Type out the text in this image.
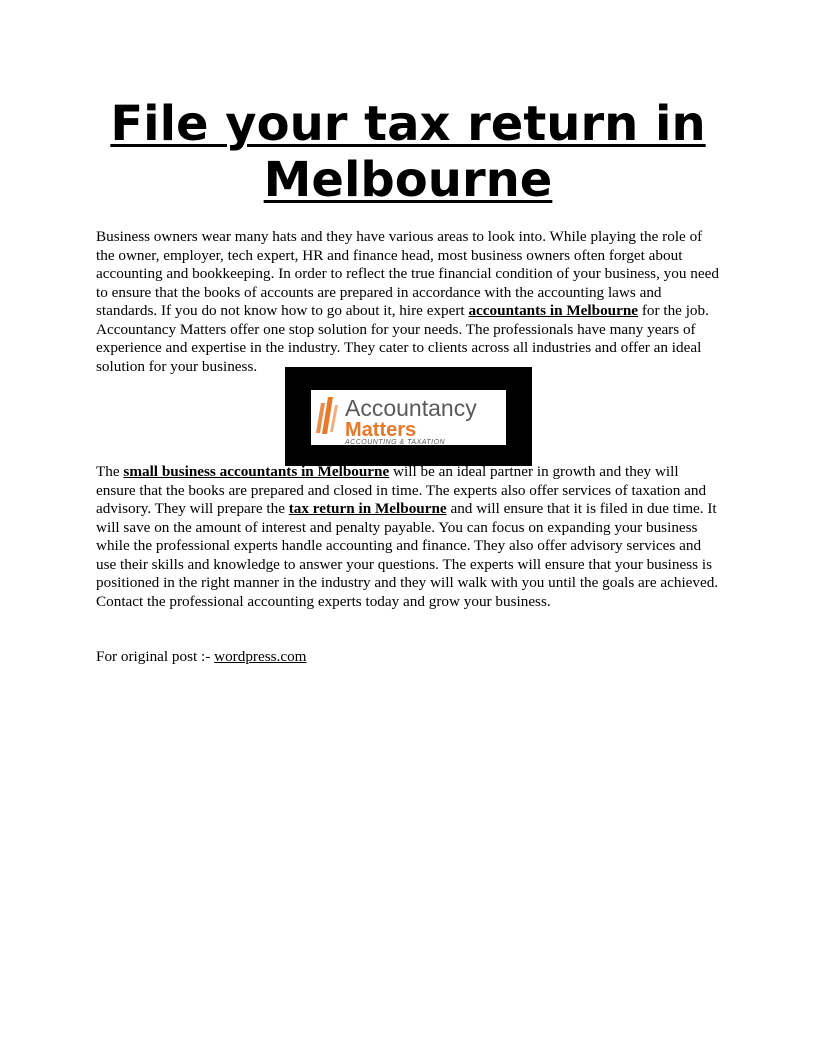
File your tax return in Melbourne

Business owners wear many hats and they have various areas to look into. While playing the role of the owner, employer, tech expert, HR and finance head, most business owners often forget about accounting and bookkeeping. In order to reflect the true financial condition of your business, you need to ensure that the books of accounts are prepared in accordance with the accounting laws and standards. If you do not know how to go about it, hire expert accountants in Melbourne for the job. Accountancy Matters offer one stop solution for your needs. The professionals have many years of experience and expertise in the industry. They cater to clients across all industries and offer an ideal solution for your business.

Accountancy
Matters
ACCOUNTING & TAXATION

The small business accountants in Melbourne will be an ideal partner in growth and they will ensure that the books are prepared and closed in time. The experts also offer services of taxation and advisory. They will prepare the tax return in Melbourne and will ensure that it is filed in due time. It will save on the amount of interest and penalty payable. You can focus on expanding your business while the professional experts handle accounting and finance. They also offer advisory services and use their skills and knowledge to answer your questions. The experts will ensure that your business is positioned in the right manner in the industry and they will walk with you until the goals are achieved. Contact the professional accounting experts today and grow your business.

For original post :- wordpress.com
